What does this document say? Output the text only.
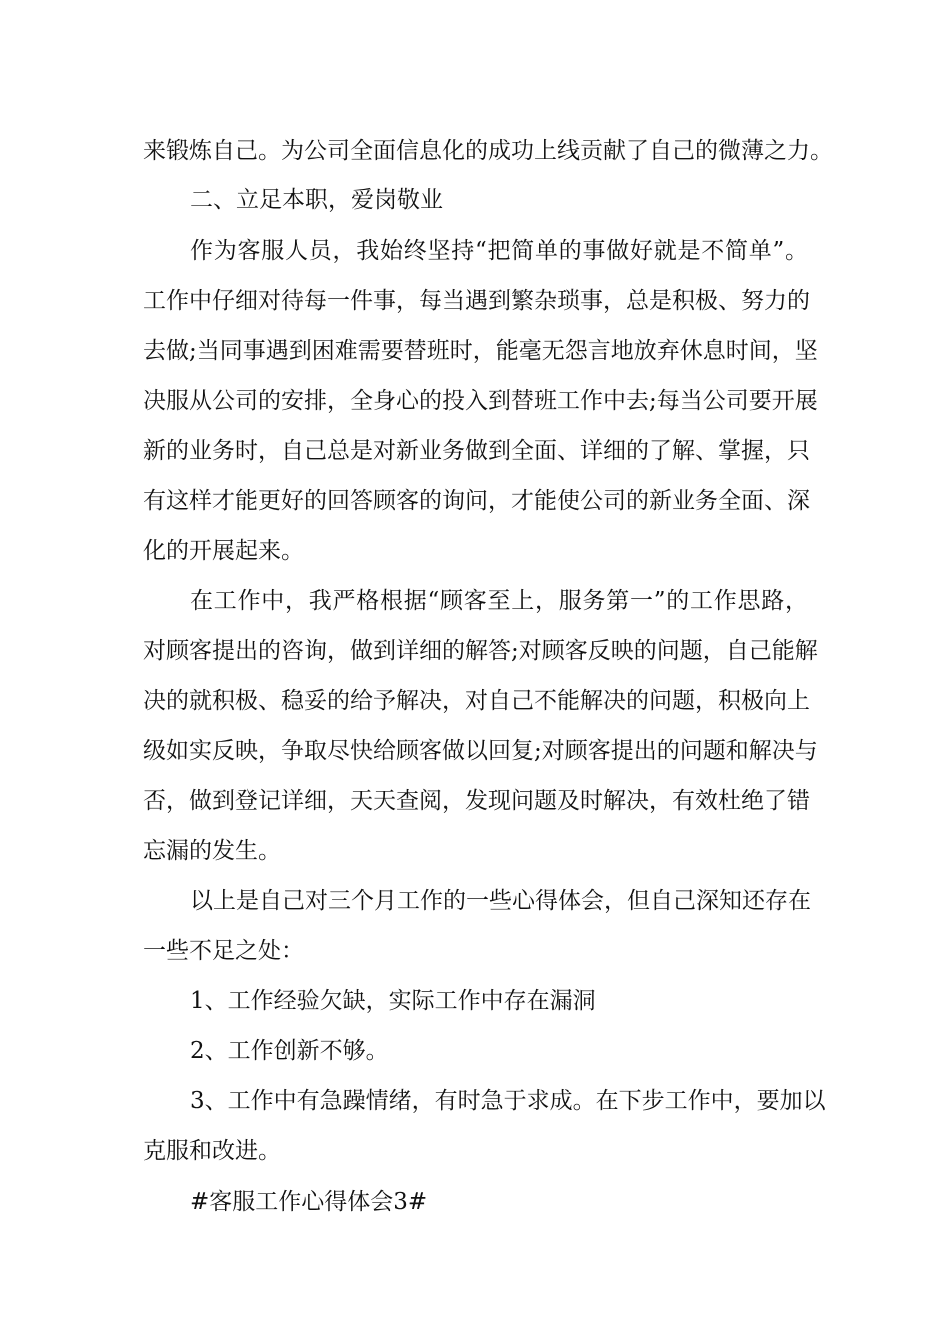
来锻炼自己。为公司全面信息化的成功上线贡献了自己的微薄之力。
二、立足本职，爱岗敬业
作为客服人员，我始终坚持“把简单的事做好就是不简单”。
工作中仔细对待每一件事，每当遇到繁杂琐事，总是积极、努力的
去做;当同事遇到困难需要替班时，能毫无怨言地放弃休息时间，坚
决服从公司的安排，全身心的投入到替班工作中去;每当公司要开展
新的业务时，自己总是对新业务做到全面、详细的了解、掌握，只
有这样才能更好的回答顾客的询问，才能使公司的新业务全面、深
化的开展起来。
在工作中，我严格根据“顾客至上，服务第一”的工作思路，
对顾客提出的咨询，做到详细的解答;对顾客反映的问题，自己能解
决的就积极、稳妥的给予解决，对自己不能解决的问题，积极向上
级如实反映，争取尽快给顾客做以回复;对顾客提出的问题和解决与
否，做到登记详细，天天查阅，发现问题及时解决，有效杜绝了错
忘漏的发生。
以上是自己对三个月工作的一些心得体会，但自己深知还存在
一些不足之处：
1、工作经验欠缺，实际工作中存在漏洞
2、工作创新不够。
3、工作中有急躁情绪，有时急于求成。在下步工作中，要加以
克服和改进。
#客服工作心得体会3#
